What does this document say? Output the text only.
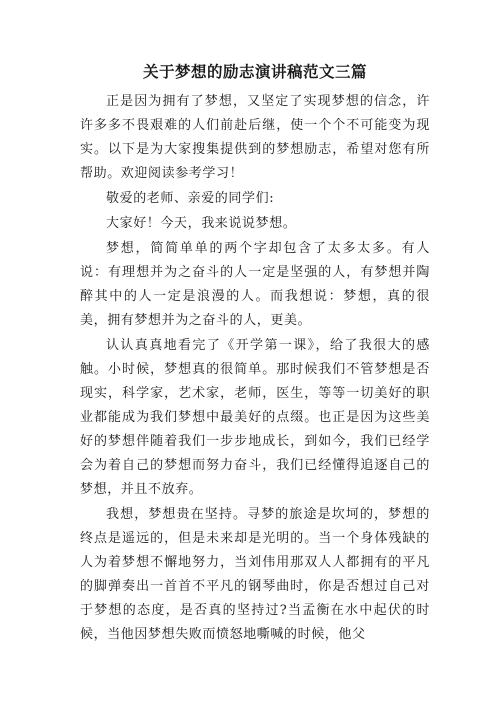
关于梦想的励志演讲稿范文三篇

正是因为拥有了梦想，又坚定了实现梦想的信念，许许多多不畏艰难的人们前赴后继，使一个个不可能变为现实。以下是为大家搜集提供到的梦想励志，希望对您有所帮助。欢迎阅读参考学习！

敬爱的老师、亲爱的同学们:

大家好！今天，我来说说梦想。

梦想，简简单单的两个字却包含了太多太多。有人说：有理想并为之奋斗的人一定是坚强的人，有梦想并陶醉其中的人一定是浪漫的人。而我想说：梦想，真的很美，拥有梦想并为之奋斗的人，更美。

认认真真地看完了《开学第一课》，给了我很大的感触。小时候，梦想真的很简单。那时候我们不管梦想是否现实，科学家，艺术家，老师，医生，等等一切美好的职业都能成为我们梦想中最美好的点缀。也正是因为这些美好的梦想伴随着我们一步步地成长，到如今，我们已经学会为着自己的梦想而努力奋斗，我们已经懂得追逐自己的梦想，并且不放弃。

我想，梦想贵在坚持。寻梦的旅途是坎坷的，梦想的终点是遥远的，但是未来却是光明的。当一个身体残缺的人为着梦想不懈地努力，当刘伟用那双人人都拥有的平凡的脚弹奏出一首首不平凡的钢琴曲时，你是否想过自己对于梦想的态度，是否真的坚持过?当孟衡在水中起伏的时候，当他因梦想失败而愤怒地嘶喊的时候，他父
